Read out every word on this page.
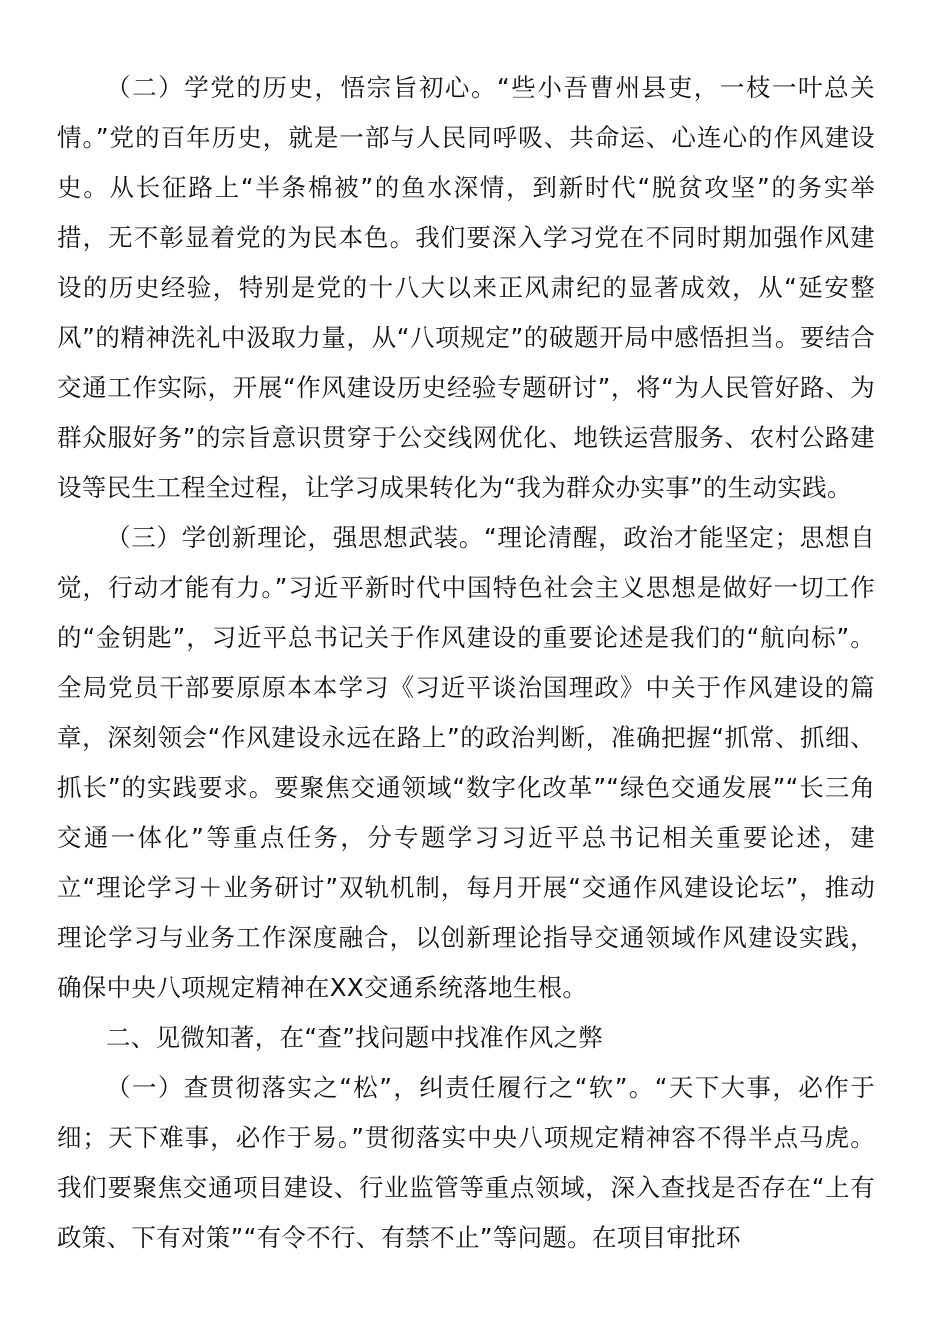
（二）学党的历史，悟宗旨初心。“些小吾曹州县吏，一枝一叶总关情。”党的百年历史，就是一部与人民同呼吸、共命运、心连心的作风建设史。从长征路上“半条棉被”的鱼水深情，到新时代“脱贫攻坚”的务实举措，无不彰显着党的为民本色。我们要深入学习党在不同时期加强作风建设的历史经验，特别是党的十八大以来正风肃纪的显著成效，从“延安整风”的精神洗礼中汲取力量，从“八项规定”的破题开局中感悟担当。要结合交通工作实际，开展“作风建设历史经验专题研讨”，将“为人民管好路、为群众服好务”的宗旨意识贯穿于公交线网优化、地铁运营服务、农村公路建设等民生工程全过程，让学习成果转化为“我为群众办实事”的生动实践。

（三）学创新理论，强思想武装。“理论清醒，政治才能坚定；思想自觉，行动才能有力。”习近平新时代中国特色社会主义思想是做好一切工作的“金钥匙”，习近平总书记关于作风建设的重要论述是我们的“航向标”。全局党员干部要原原本本学习《习近平谈治国理政》中关于作风建设的篇章，深刻领会“作风建设永远在路上”的政治判断，准确把握“抓常、抓细、抓长”的实践要求。要聚焦交通领域“数字化改革”“绿色交通发展”“长三角交通一体化”等重点任务，分专题学习习近平总书记相关重要论述，建立“理论学习＋业务研讨”双轨机制，每月开展“交通作风建设论坛”，推动理论学习与业务工作深度融合，以创新理论指导交通领域作风建设实践，确保中央八项规定精神在XX交通系统落地生根。

二、见微知著，在“查”找问题中找准作风之弊

（一）查贯彻落实之“松”，纠责任履行之“软”。“天下大事，必作于细；天下难事，必作于易。”贯彻落实中央八项规定精神容不得半点马虎。我们要聚焦交通项目建设、行业监管等重点领域，深入查找是否存在“上有政策、下有对策”“有令不行、有禁不止”等问题。在项目审批环
